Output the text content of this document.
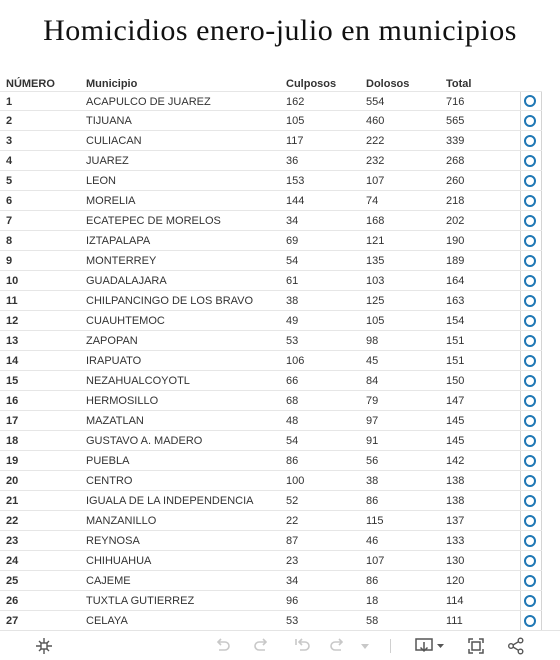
Homicidios enero-julio en municipios
NÚMERO	Municipio	Culposos	Dolosos	Total
1	ACAPULCO DE JUAREZ	162	554	716
2	TIJUANA	105	460	565
3	CULIACAN	117	222	339
4	JUAREZ	36	232	268
5	LEON	153	107	260
6	MORELIA	144	74	218
7	ECATEPEC DE MORELOS	34	168	202
8	IZTAPALAPA	69	121	190
9	MONTERREY	54	135	189
10	GUADALAJARA	61	103	164
11	CHILPANCINGO DE LOS BRAVO	38	125	163
12	CUAUHTEMOC	49	105	154
13	ZAPOPAN	53	98	151
14	IRAPUATO	106	45	151
15	NEZAHUALCOYOTL	66	84	150
16	HERMOSILLO	68	79	147
17	MAZATLAN	48	97	145
18	GUSTAVO A. MADERO	54	91	145
19	PUEBLA	86	56	142
20	CENTRO	100	38	138
21	IGUALA DE LA INDEPENDENCIA	52	86	138
22	MANZANILLO	22	115	137
23	REYNOSA	87	46	133
24	CHIHUAHUA	23	107	130
25	CAJEME	34	86	120
26	TUXTLA GUTIERREZ	96	18	114
27	CELAYA	53	58	111
